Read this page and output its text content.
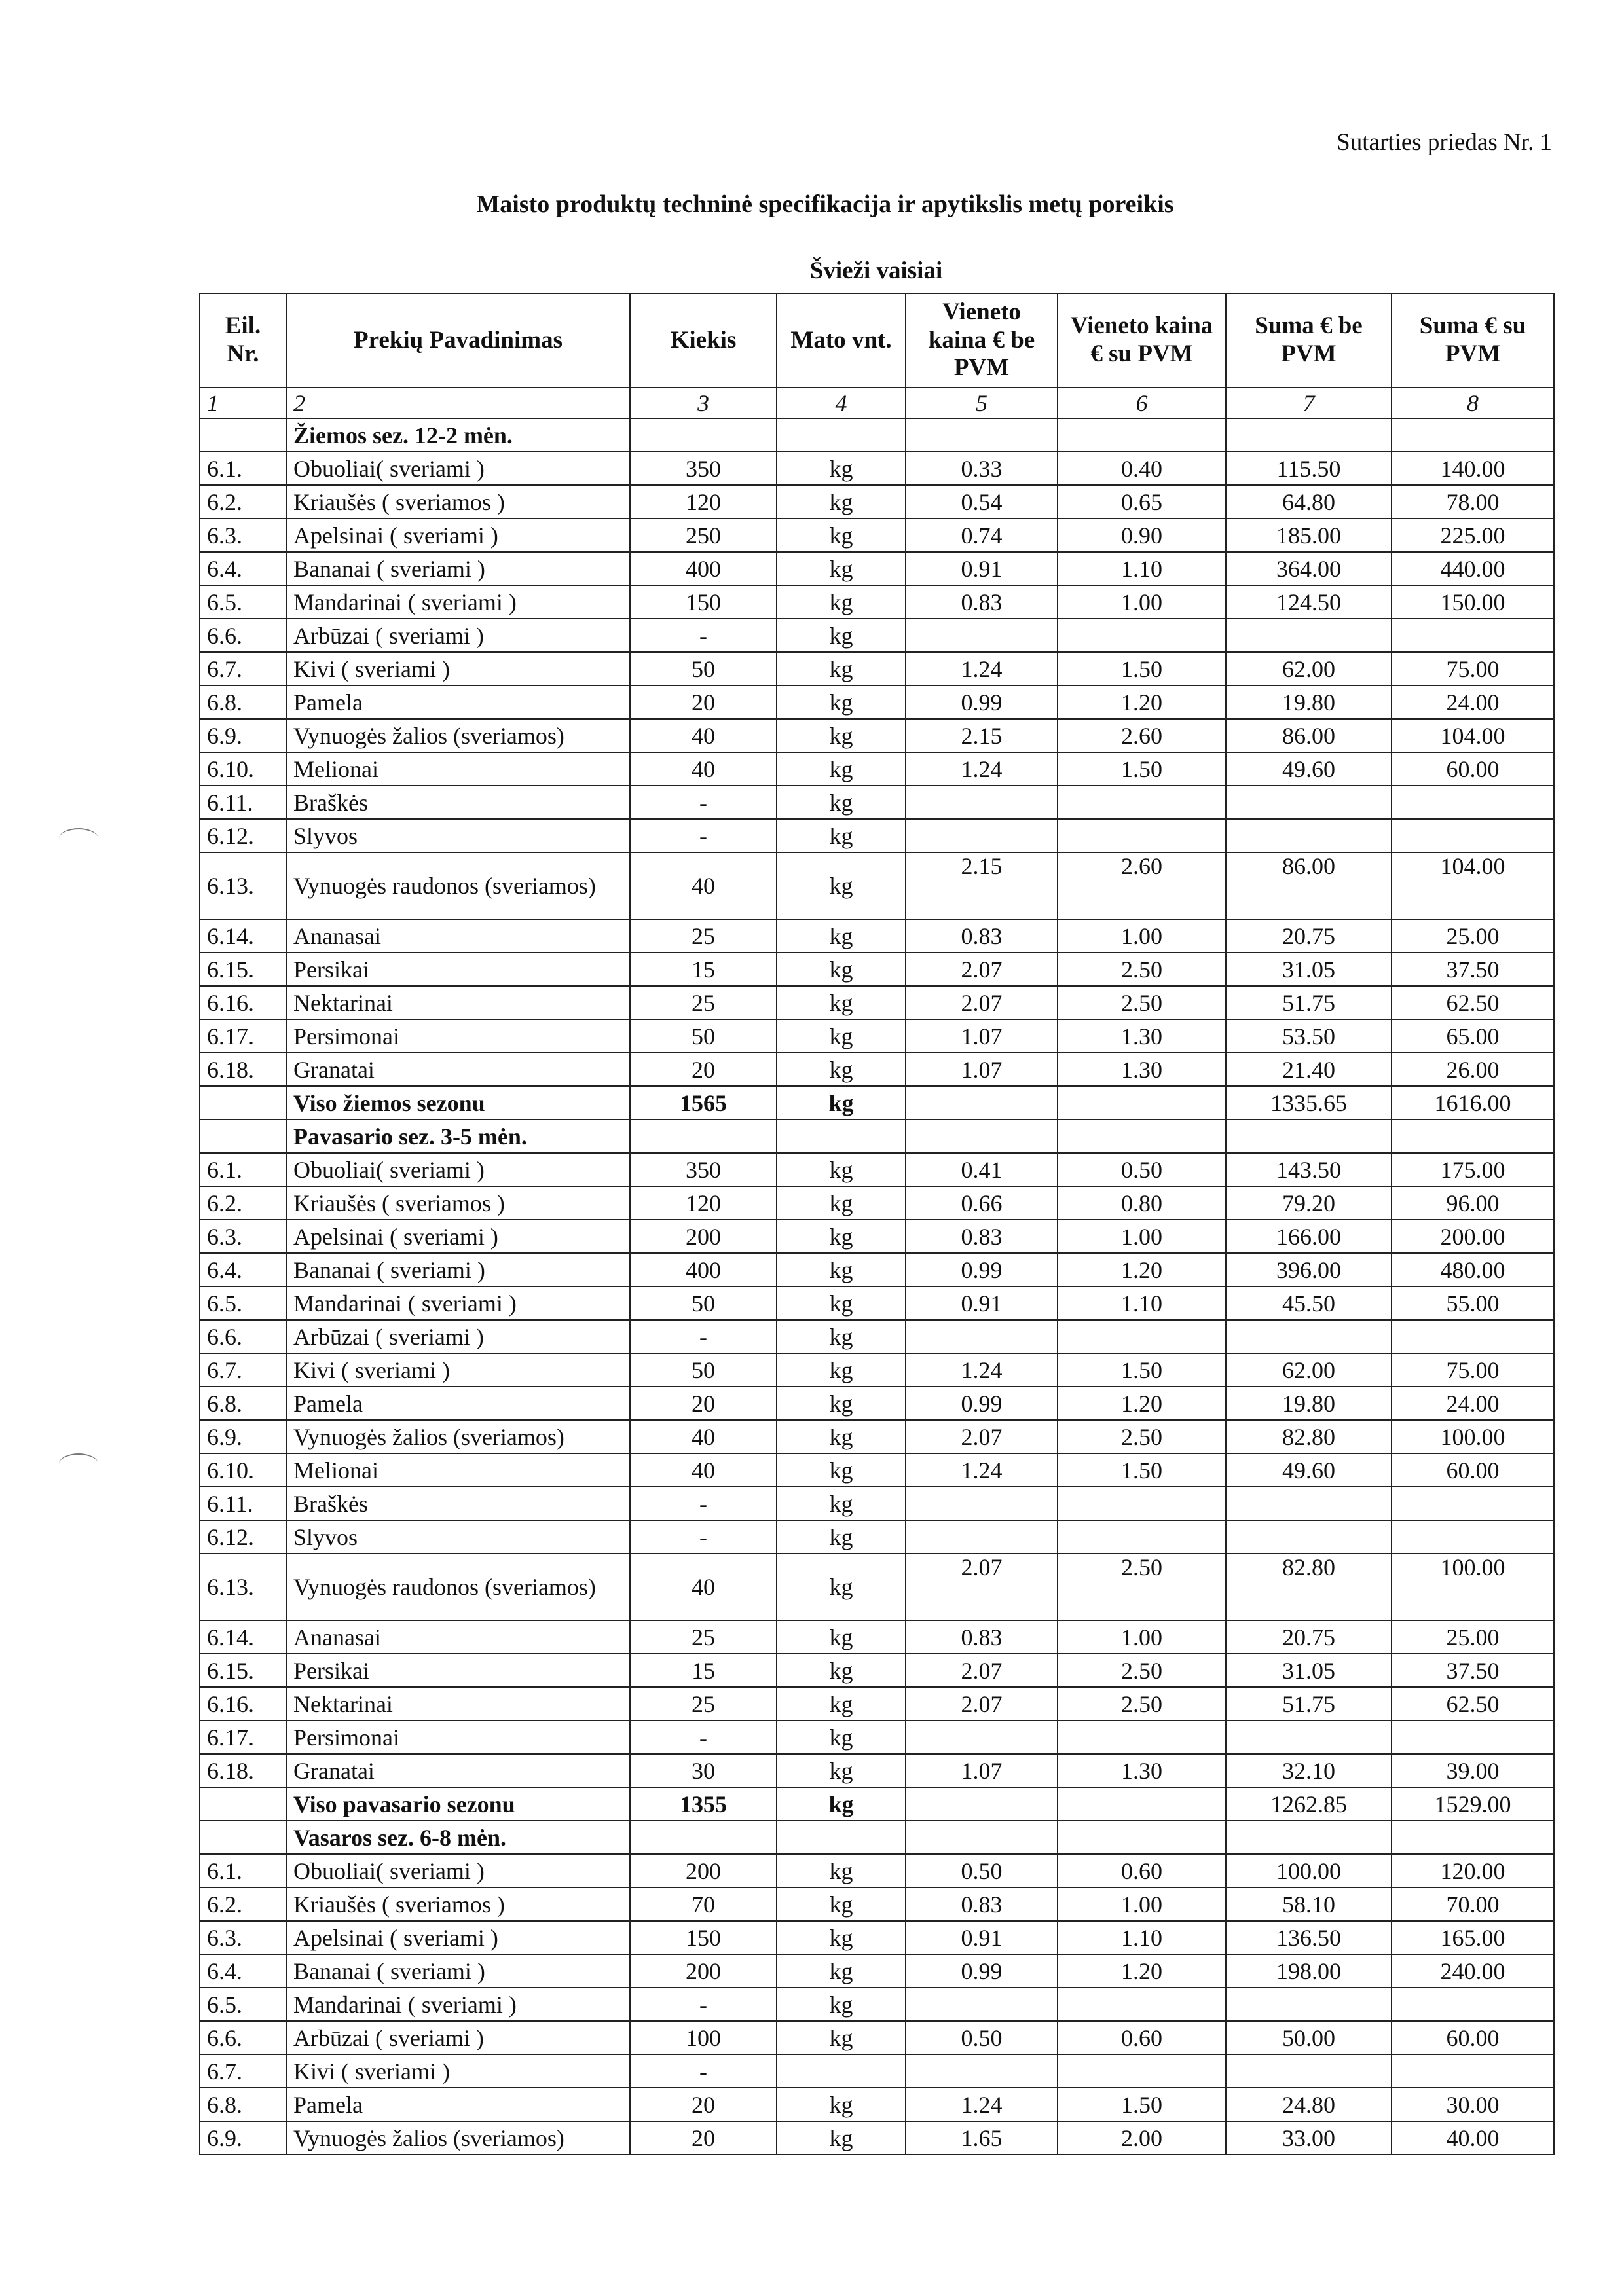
Sutarties priedas Nr. 1
Maisto produktų techninė specifikacija ir apytikslis metų poreikis
Švieži vaisiai
Eil. Nr.	Prekių Pavadinimas	Kiekis	Mato vnt.	Vieneto kaina € be PVM	Vieneto kaina € su PVM	Suma € be PVM	Suma € su PVM
1	2	3	4	5	6	7	8
	Žiemos sez. 12-2 mėn.						
6.1.	Obuoliai( sveriami )	350	kg	0.33	0.40	115.50	140.00
6.2.	Kriaušės ( sveriamos )	120	kg	0.54	0.65	64.80	78.00
6.3.	Apelsinai ( sveriami )	250	kg	0.74	0.90	185.00	225.00
6.4.	Bananai ( sveriami )	400	kg	0.91	1.10	364.00	440.00
6.5.	Mandarinai ( sveriami )	150	kg	0.83	1.00	124.50	150.00
6.6.	Arbūzai ( sveriami )	-	kg				
6.7.	Kivi ( sveriami )	50	kg	1.24	1.50	62.00	75.00
6.8.	Pamela	20	kg	0.99	1.20	19.80	24.00
6.9.	Vynuogės žalios (sveriamos)	40	kg	2.15	2.60	86.00	104.00
6.10.	Melionai	40	kg	1.24	1.50	49.60	60.00
6.11.	Braškės	-	kg				
6.12.	Slyvos	-	kg				
6.13.	Vynuogės raudonos (sveriamos)	40	kg	2.15	2.60	86.00	104.00
6.14.	Ananasai	25	kg	0.83	1.00	20.75	25.00
6.15.	Persikai	15	kg	2.07	2.50	31.05	37.50
6.16.	Nektarinai	25	kg	2.07	2.50	51.75	62.50
6.17.	Persimonai	50	kg	1.07	1.30	53.50	65.00
6.18.	Granatai	20	kg	1.07	1.30	21.40	26.00
	Viso žiemos sezonu	1565	kg			1335.65	1616.00
	Pavasario sez. 3-5 mėn.						
6.1.	Obuoliai( sveriami )	350	kg	0.41	0.50	143.50	175.00
6.2.	Kriaušės ( sveriamos )	120	kg	0.66	0.80	79.20	96.00
6.3.	Apelsinai ( sveriami )	200	kg	0.83	1.00	166.00	200.00
6.4.	Bananai ( sveriami )	400	kg	0.99	1.20	396.00	480.00
6.5.	Mandarinai ( sveriami )	50	kg	0.91	1.10	45.50	55.00
6.6.	Arbūzai ( sveriami )	-	kg				
6.7.	Kivi ( sveriami )	50	kg	1.24	1.50	62.00	75.00
6.8.	Pamela	20	kg	0.99	1.20	19.80	24.00
6.9.	Vynuogės žalios (sveriamos)	40	kg	2.07	2.50	82.80	100.00
6.10.	Melionai	40	kg	1.24	1.50	49.60	60.00
6.11.	Braškės	-	kg				
6.12.	Slyvos	-	kg				
6.13.	Vynuogės raudonos (sveriamos)	40	kg	2.07	2.50	82.80	100.00
6.14.	Ananasai	25	kg	0.83	1.00	20.75	25.00
6.15.	Persikai	15	kg	2.07	2.50	31.05	37.50
6.16.	Nektarinai	25	kg	2.07	2.50	51.75	62.50
6.17.	Persimonai	-	kg				
6.18.	Granatai	30	kg	1.07	1.30	32.10	39.00
	Viso pavasario sezonu	1355	kg			1262.85	1529.00
	Vasaros sez. 6-8 mėn.						
6.1.	Obuoliai( sveriami )	200	kg	0.50	0.60	100.00	120.00
6.2.	Kriaušės ( sveriamos )	70	kg	0.83	1.00	58.10	70.00
6.3.	Apelsinai ( sveriami )	150	kg	0.91	1.10	136.50	165.00
6.4.	Bananai ( sveriami )	200	kg	0.99	1.20	198.00	240.00
6.5.	Mandarinai ( sveriami )	-	kg				
6.6.	Arbūzai ( sveriami )	100	kg	0.50	0.60	50.00	60.00
6.7.	Kivi ( sveriami )	-					
6.8.	Pamela	20	kg	1.24	1.50	24.80	30.00
6.9.	Vynuogės žalios (sveriamos)	20	kg	1.65	2.00	33.00	40.00
